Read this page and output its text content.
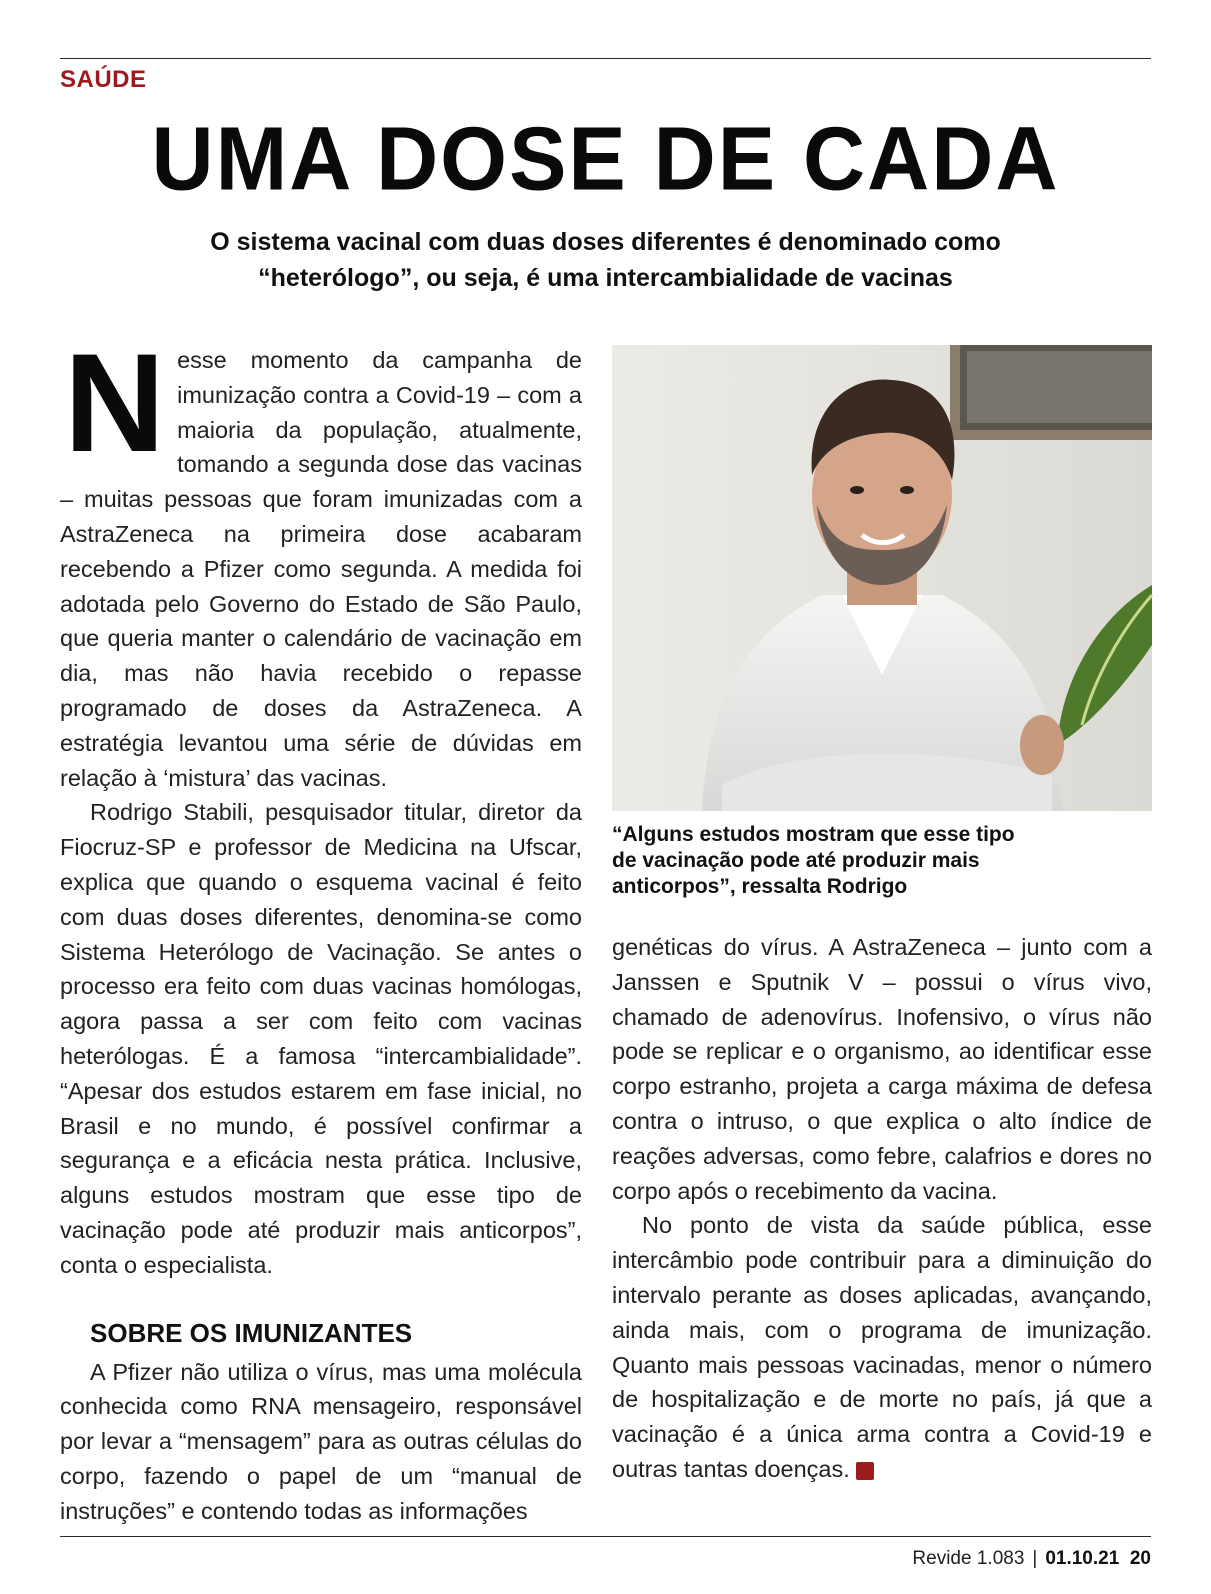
SAÚDE
UMA DOSE DE CADA
O sistema vacinal com duas doses diferentes é denominado como
“heterólogo”, ou seja, é uma intercambialidade de vacinas

Nesse momento da campanha de imunização contra a Covid-19 – com a maioria da população, atualmente, tomando a segunda dose das vacinas – muitas pessoas que foram imunizadas com a AstraZeneca na primeira dose acabaram recebendo a Pfizer como segunda. A medida foi adotada pelo Governo do Estado de São Paulo, que queria manter o calendário de vacinação em dia, mas não havia recebido o repasse programado de doses da AstraZeneca. A estratégia levantou uma série de dúvidas em relação à ‘mistura’ das vacinas.

Rodrigo Stabili, pesquisador titular, diretor da Fiocruz-SP e professor de Medicina na Ufscar, explica que quando o esquema vacinal é feito com duas doses diferentes, denomina-se como Sistema Heterólogo de Vacinação. Se antes o processo era feito com duas vacinas homólogas, agora passa a ser com feito com vacinas heterólogas. É a famosa “intercambialidade”. “Apesar dos estudos estarem em fase inicial, no Brasil e no mundo, é possível confirmar a segurança e a eficácia nesta prática. Inclusive, alguns estudos mostram que esse tipo de vacinação pode até produzir mais anticorpos”, conta o especialista.

SOBRE OS IMUNIZANTES

A Pfizer não utiliza o vírus, mas uma molécula conhecida como RNA mensageiro, responsável por levar a “mensagem” para as outras células do corpo, fazendo o papel de um “manual de instruções” e contendo todas as informações

“Alguns estudos mostram que esse tipo
de vacinação pode até produzir mais
anticorpos”, ressalta Rodrigo

genéticas do vírus. A AstraZeneca – junto com a Janssen e Sputnik V – possui o vírus vivo, chamado de adenovírus. Inofensivo, o vírus não pode se replicar e o organismo, ao identificar esse corpo estranho, projeta a carga máxima de defesa contra o intruso, o que explica o alto índice de reações adversas, como febre, calafrios e dores no corpo após o recebimento da vacina.

No ponto de vista da saúde pública, esse intercâmbio pode contribuir para a diminuição do intervalo perante as doses aplicadas, avançando, ainda mais, com o programa de imunização. Quanto mais pessoas vacinadas, menor o número de hospitalização e de morte no país, já que a vacinação é a única arma contra a Covid-19 e outras tantas doenças.	R

Revide 1.083 | 01.10.21 20
